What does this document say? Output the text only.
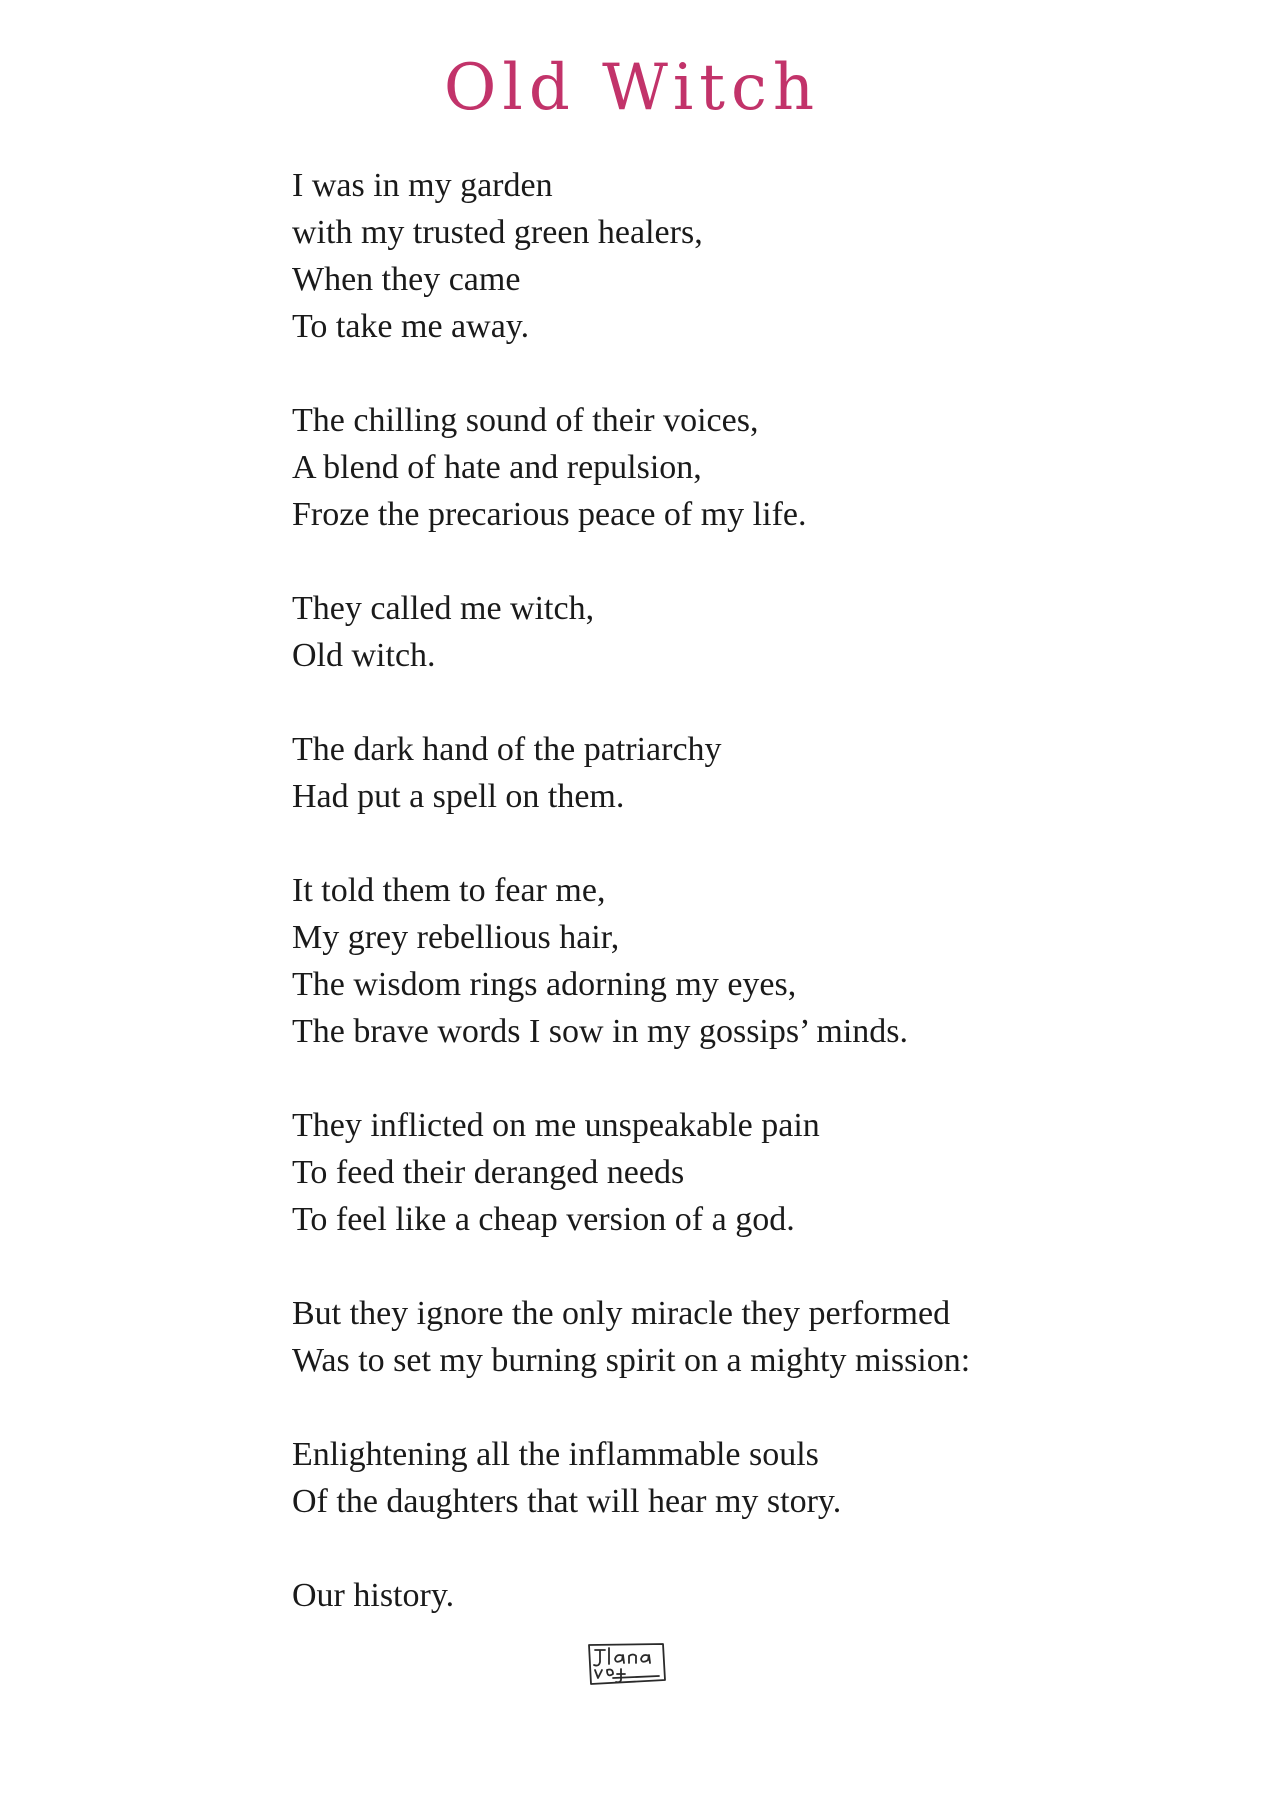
Old Witch
I was in my garden
with my trusted green healers,
When they came
To take me away.
The chilling sound of their voices,
A blend of hate and repulsion,
Froze the precarious peace of my life.
They called me witch,
Old witch.
The dark hand of the patriarchy
Had put a spell on them.
It told them to fear me,
My grey rebellious hair,
The wisdom rings adorning my eyes,
The brave words I sow in my gossips’ minds.
They inflicted on me unspeakable pain
To feed their deranged needs
To feel like a cheap version of a god.
But they ignore the only miracle they performed
Was to set my burning spirit on a mighty mission:
Enlightening all the inflammable souls
Of the daughters that will hear my story.
Our history.
